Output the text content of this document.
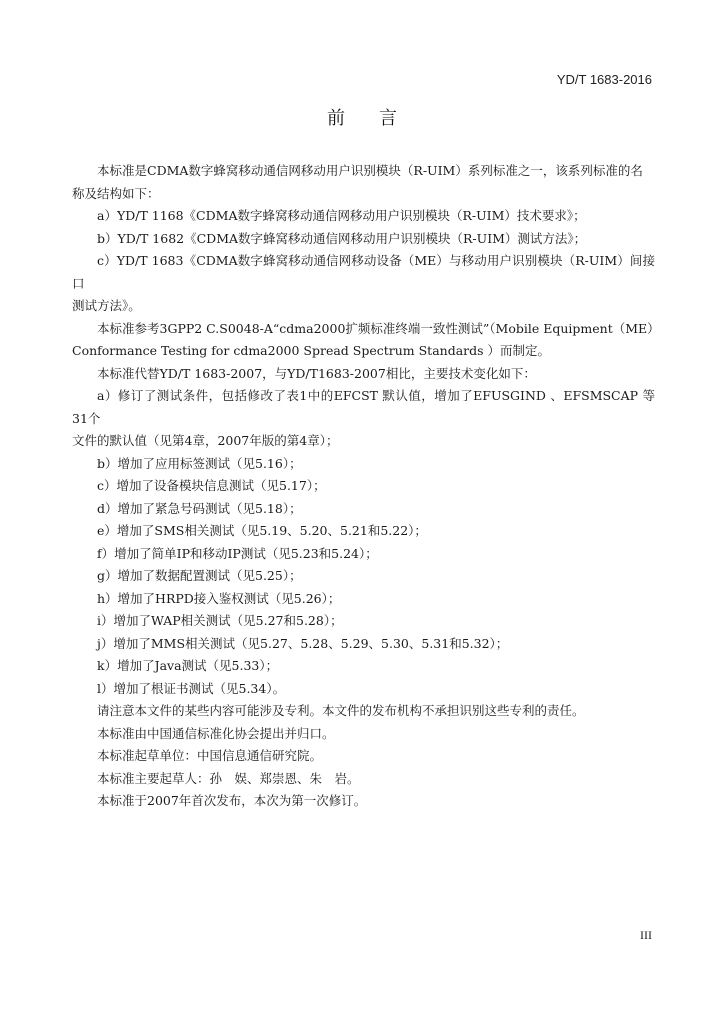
YD/T 1683-2016
前言

本标准是CDMA数字蜂窝移动通信网移动用户识别模块（R-UIM）系列标准之一，该系列标准的名

称及结构如下：

a）YD/T 1168《CDMA数字蜂窝移动通信网移动用户识别模块（R-UIM）技术要求》；

b）YD/T 1682《CDMA数字蜂窝移动通信网移动用户识别模块（R-UIM）测试方法》；

c）YD/T 1683《CDMA数字蜂窝移动通信网移动设备（ME）与移动用户识别模块（R-UIM）间接口

测试方法》。

本标准参考3GPP2 C.S0048-A“cdma2000扩频标准终端一致性测试”（Mobile Equipment（ME）

Conformance Testing for cdma2000 Spread Spectrum Standards ）而制定。

本标准代替YD/T 1683-2007，与YD/T1683-2007相比，主要技术变化如下：

a）修订了测试条件，包括修改了表1中的EFCST 默认值，增加了EFUSGIND 、EFSMSCAP 等31个

文件的默认值（见第4章，2007年版的第4章）；

b）增加了应用标签测试（见5.16）；

c）增加了设备模块信息测试（见5.17）；

d）增加了紧急号码测试（见5.18）；

e）增加了SMS相关测试（见5.19、5.20、5.21和5.22）；

f）增加了简单IP和移动IP测试（见5.23和5.24）；

g）增加了数据配置测试（见5.25）；

h）增加了HRPD接入鉴权测试（见5.26）；

i）增加了WAP相关测试（见5.27和5.28）；

j）增加了MMS相关测试（见5.27、5.28、5.29、5.30、5.31和5.32）；

k）增加了Java测试（见5.33）；

l）增加了根证书测试（见5.34）。

请注意本文件的某些内容可能涉及专利。本文件的发布机构不承担识别这些专利的责任。

本标准由中国通信标准化协会提出并归口。

本标准起草单位：中国信息通信研究院。

本标准主要起草人：孙　娱、郑崇恩、朱　岩。

本标准于2007年首次发布，本次为第一次修订。

III
